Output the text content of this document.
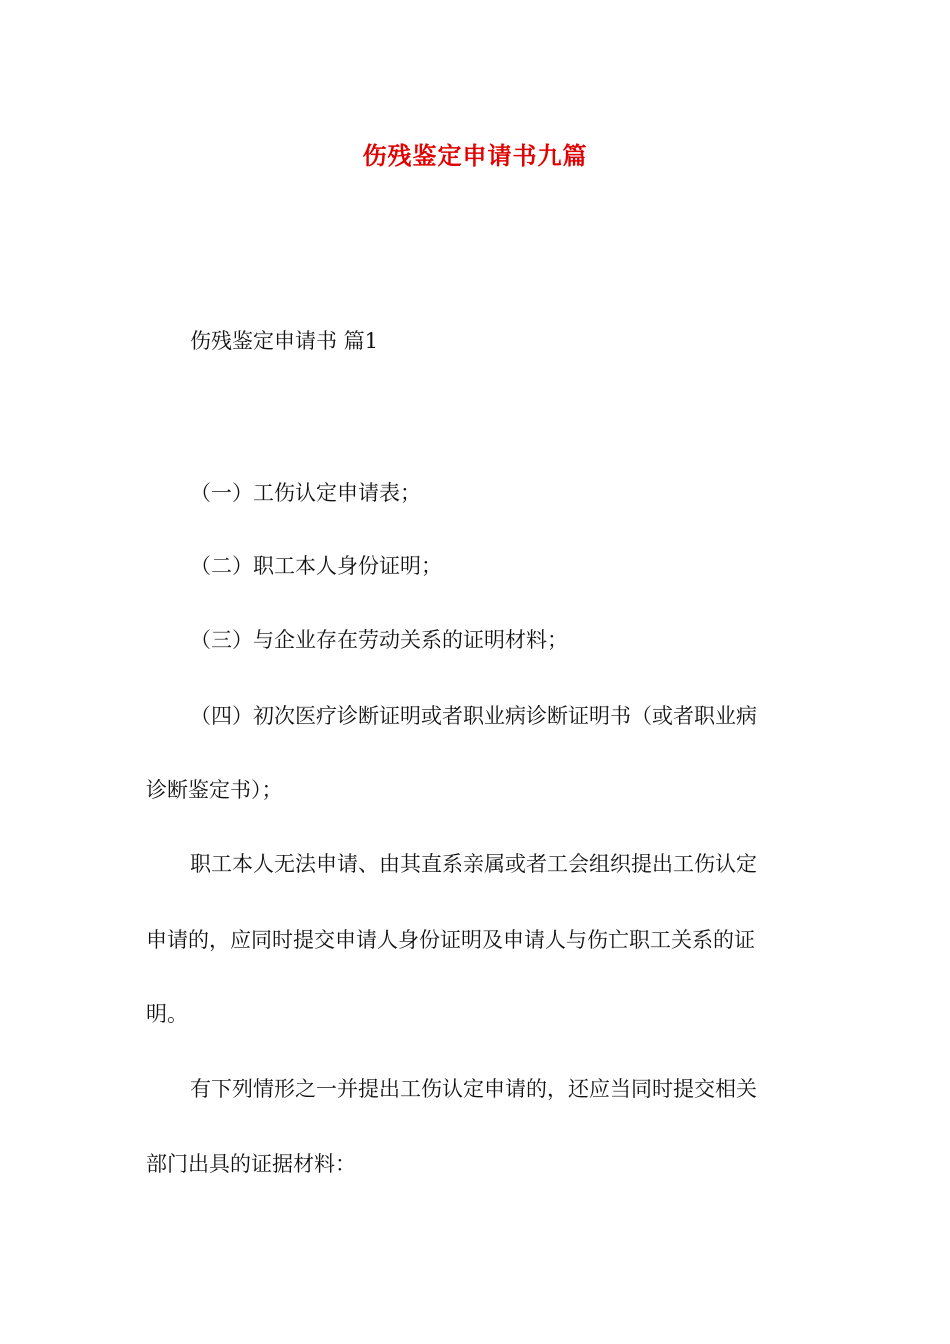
伤残鉴定申请书九篇
伤残鉴定申请书 篇1
（一）工伤认定申请表；
（二）职工本人身份证明；
（三）与企业存在劳动关系的证明材料；
（四）初次医疗诊断证明或者职业病诊断证明书（或者职业病
诊断鉴定书）；
职工本人无法申请、由其直系亲属或者工会组织提出工伤认定
申请的，应同时提交申请人身份证明及申请人与伤亡职工关系的证
明。
有下列情形之一并提出工伤认定申请的，还应当同时提交相关
部门出具的证据材料：
